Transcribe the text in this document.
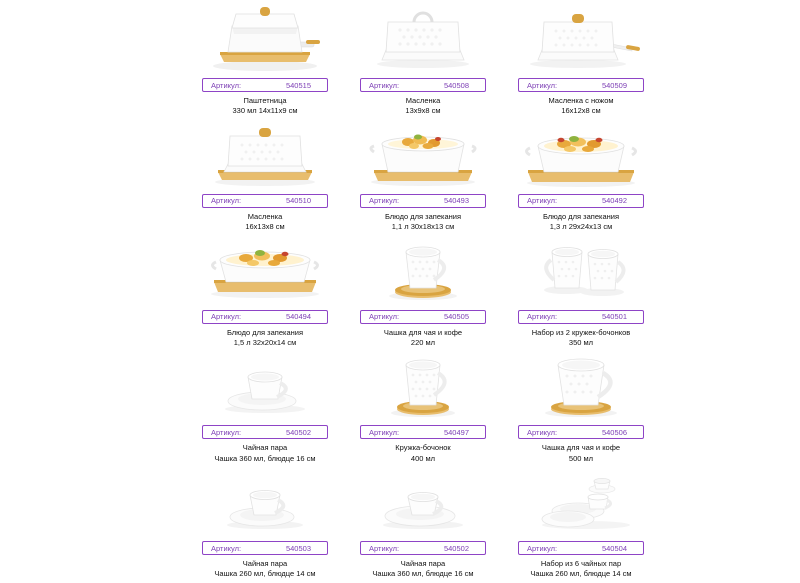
Артикул:	540515
Паштетница
330 мл 14х11х9 см
Артикул:	540508
Масленка
13х9х8 см
Артикул:	540509
Масленка с ножом
16х12х8 см
Артикул:	540510
Масленка
16х13х8 см
Артикул:	540493
Блюдо для запекания
1,1 л 30х18х13 см
Артикул:	540492
Блюдо для запекания
1,3 л 29х24х13 см
Артикул:	540494
Блюдо для запекания
1,5 л 32х20х14 см
Артикул:	540505
Чашка для чая и кофе
220 мл
Артикул:	540501
Набор из 2 кружек-бочонков
350 мл
Артикул:	540502
Чайная пара
Чашка 360 мл, блюдце 16 см
Артикул:	540497
Кружка-бочонок
400 мл
Артикул:	540506
Чашка для чая и кофе
500 мл
Артикул:	540503
Чайная пара
Чашка 260 мл, блюдце 14 см
Артикул:	540502
Чайная пара
Чашка 360 мл, блюдце 16 см
Артикул:	540504
Набор из 6 чайных пар
Чашка 260 мл, блюдце 14 см
